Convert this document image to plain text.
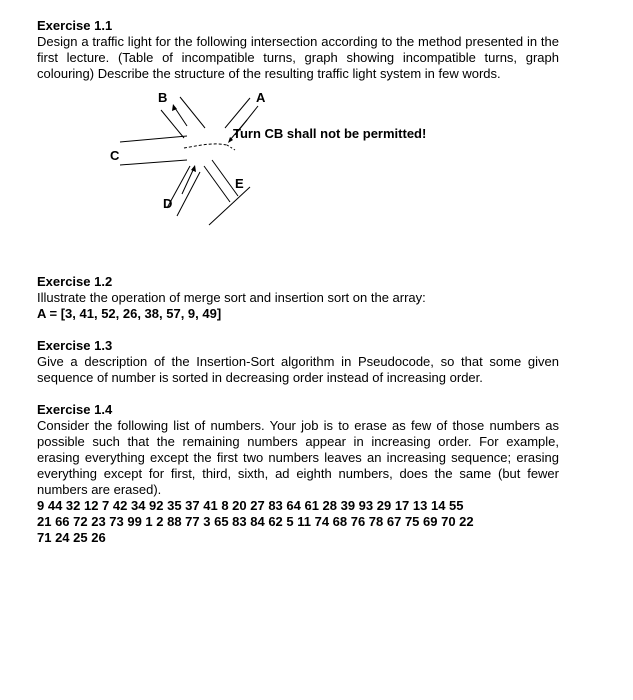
Exercise 1.1

Design a traffic light for the following intersection according to the method presented in the first lecture. (Table of incompatible turns, graph showing incompatible turns, graph colouring) Describe the structure of the resulting traffic light system in few words.

B	A
C
E
D
Turn CB shall not be permitted!

Exercise 1.2

Illustrate the operation of merge sort and insertion sort on the array:

A = [3, 41, 52, 26, 38, 57, 9, 49]

Exercise 1.3

Give a description of the Insertion-Sort algorithm in Pseudocode, so that some given sequence of number is sorted in decreasing order instead of increasing order.

Exercise 1.4

Consider the following list of numbers. Your job is to erase as few of those numbers as possible such that the remaining numbers appear in increasing order. For example, erasing everything except the first two numbers leaves an increasing sequence; erasing everything except for first, third, sixth, ad eighth numbers, does the same (but fewer numbers are erased).

9 44 32 12 7 42 34 92 35 37 41 8 20 27 83 64 61 28 39 93 29 17 13 14 55

21 66 72 23 73 99 1 2 88 77 3 65 83 84 62 5 11 74 68 76 78 67 75 69 70 22

71 24 25 26
